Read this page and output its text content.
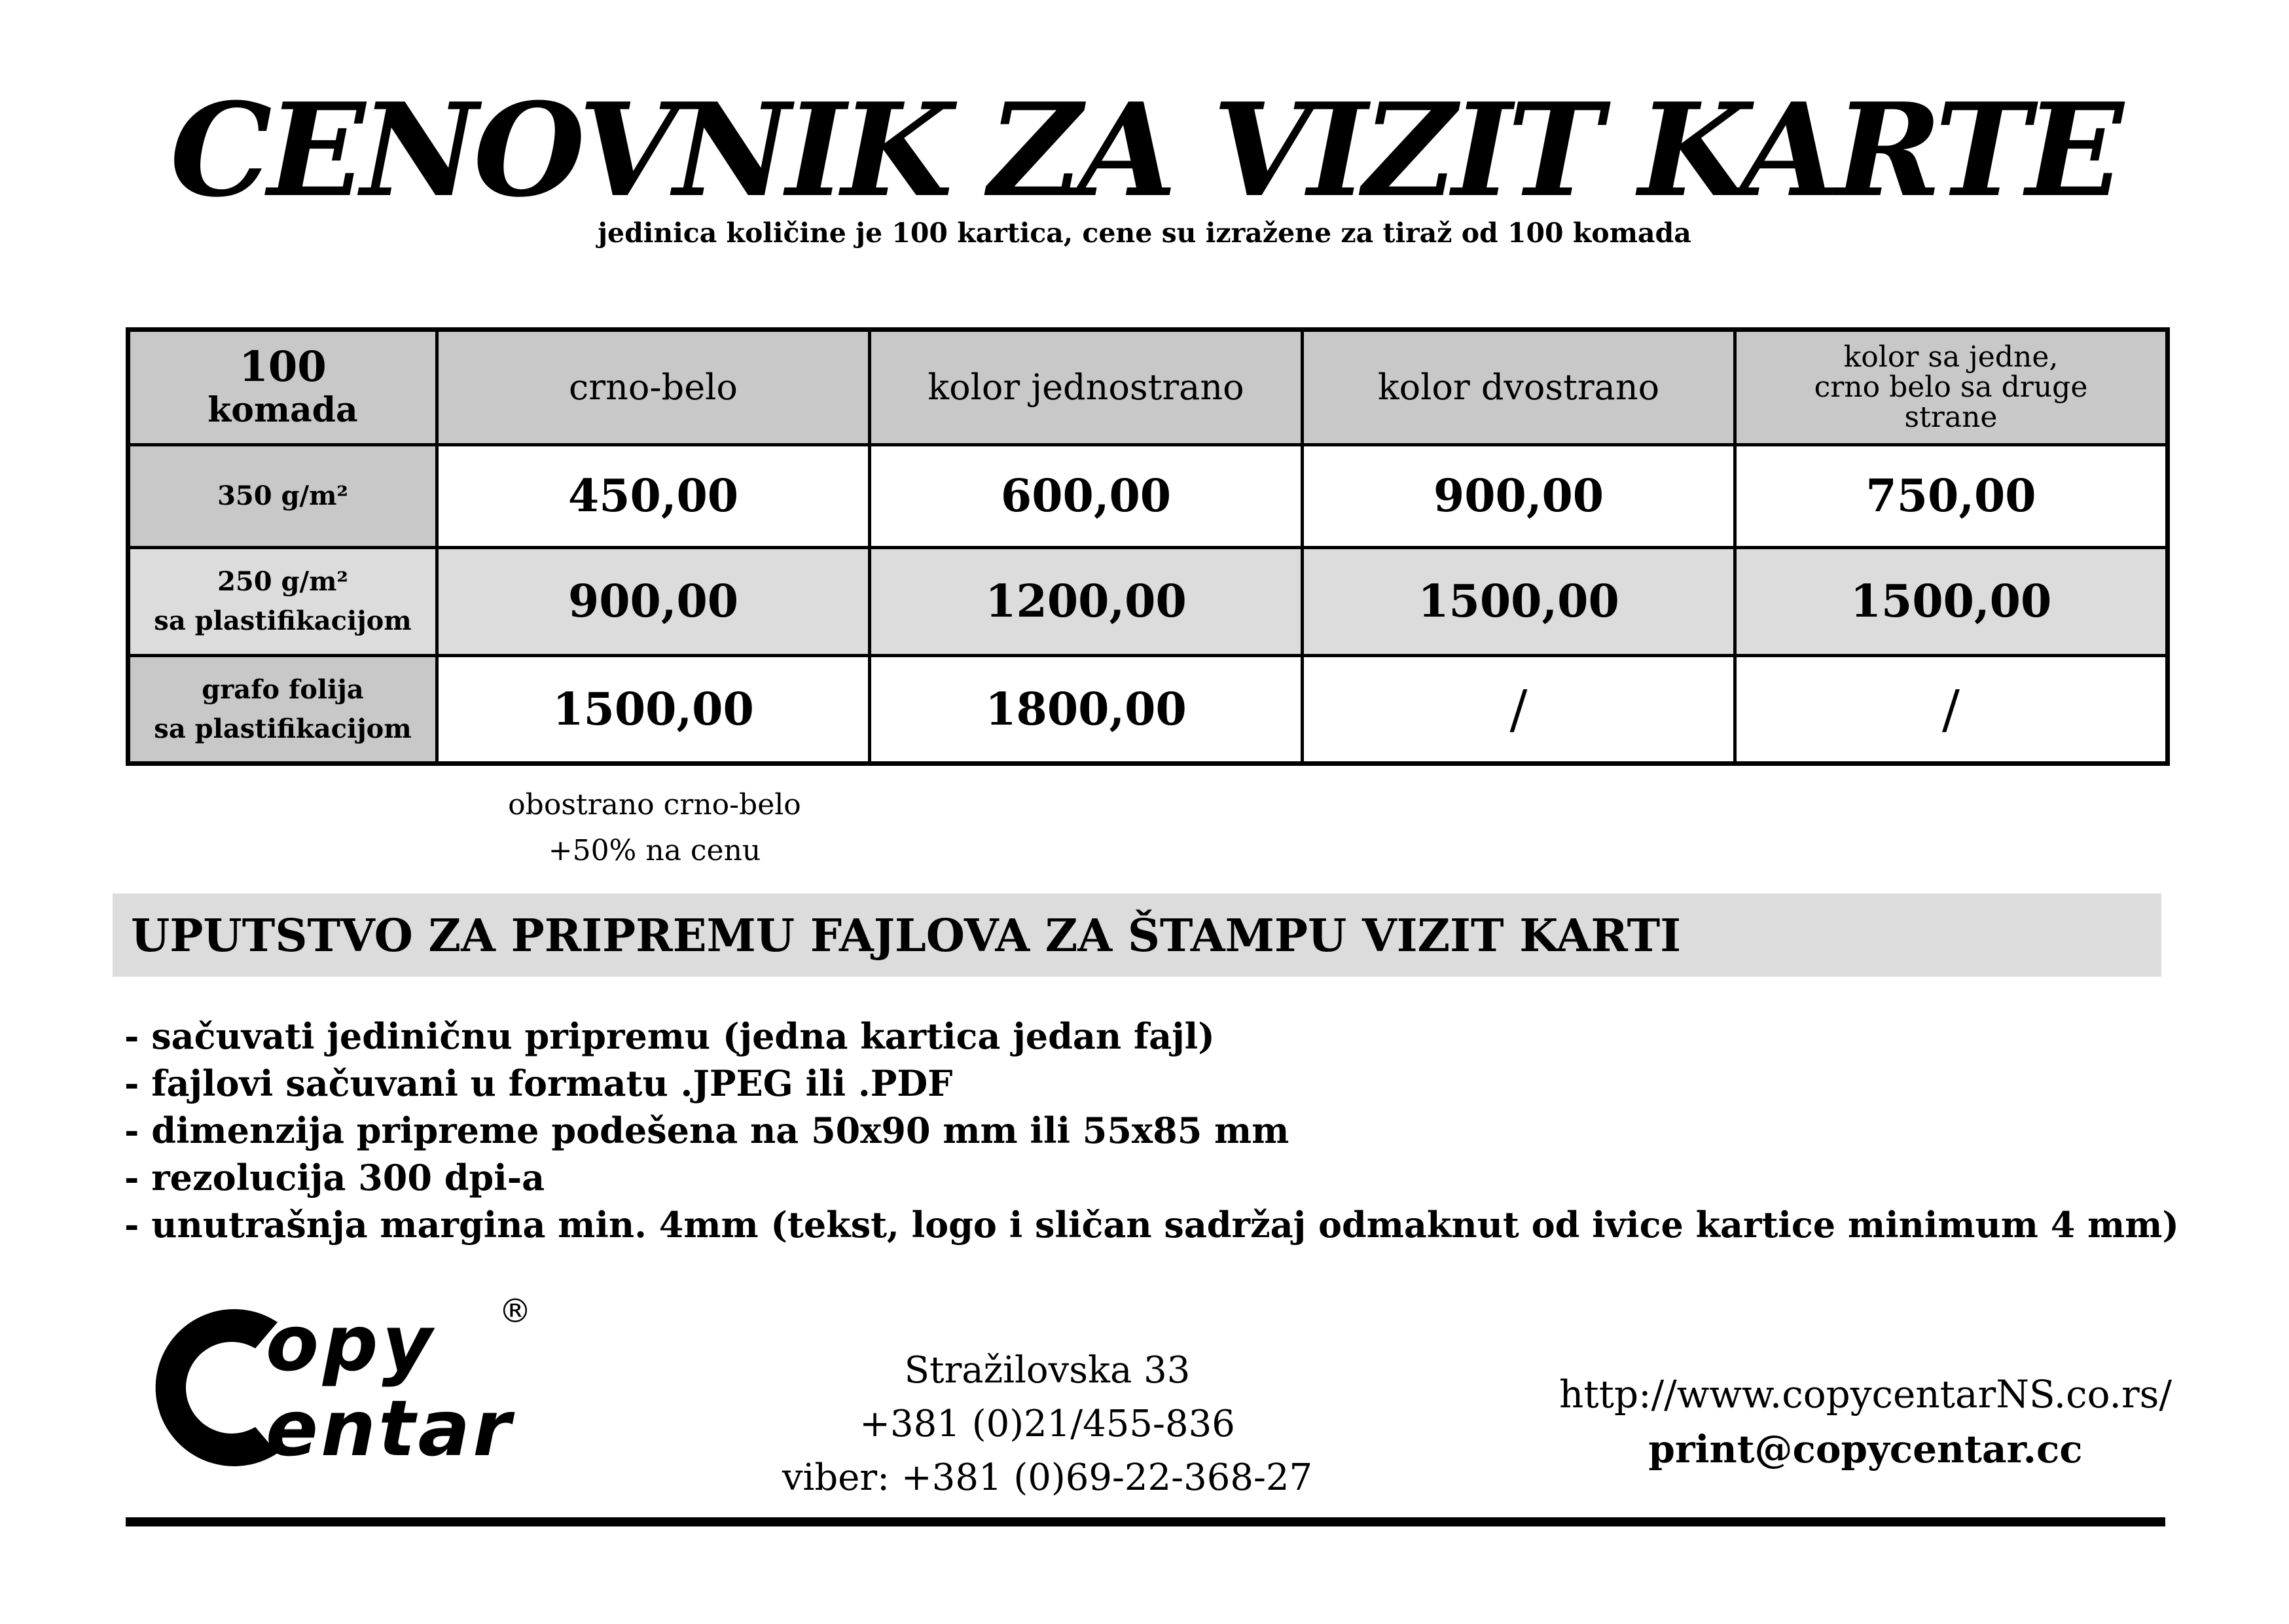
CENOVNIK ZA VIZIT KARTE
jedinica količine je 100 kartica, cene su izražene za tiraž od 100 komada
100
komada	crno-belo	kolor jednostrano	kolor dvostrano	kolor sa jedne,
crno belo sa druge
strane

350 g/m²	450,00	600,00	900,00	750,00

250 g/m²
sa plastifikacijom	900,00	1200,00	1500,00	1500,00

grafo folija
sa plastifikacijom	1500,00	1800,00	/	/
obostrano crno-belo
+50% na cenu
UPUTSTVO ZA PRIPREMU FAJLOVA ZA ŠTAMPU VIZIT KARTI
- sačuvati jediničnu pripremu (jedna kartica jedan fajl)
- fajlovi sačuvani u formatu .JPEG ili .PDF
- dimenzija pripreme podešena na 50x90 mm ili 55x85 mm
- rezolucija 300 dpi-a
- unutrašnja margina min. 4mm (tekst, logo i sličan sadržaj odmaknut od ivice kartice minimum 4 mm)
opy
entar
®
Stražilovska 33
+381 (0)21/455-836
viber: +381 (0)69-22-368-27
http://www.copycentarNS.co.rs/
print@copycentar.cc
